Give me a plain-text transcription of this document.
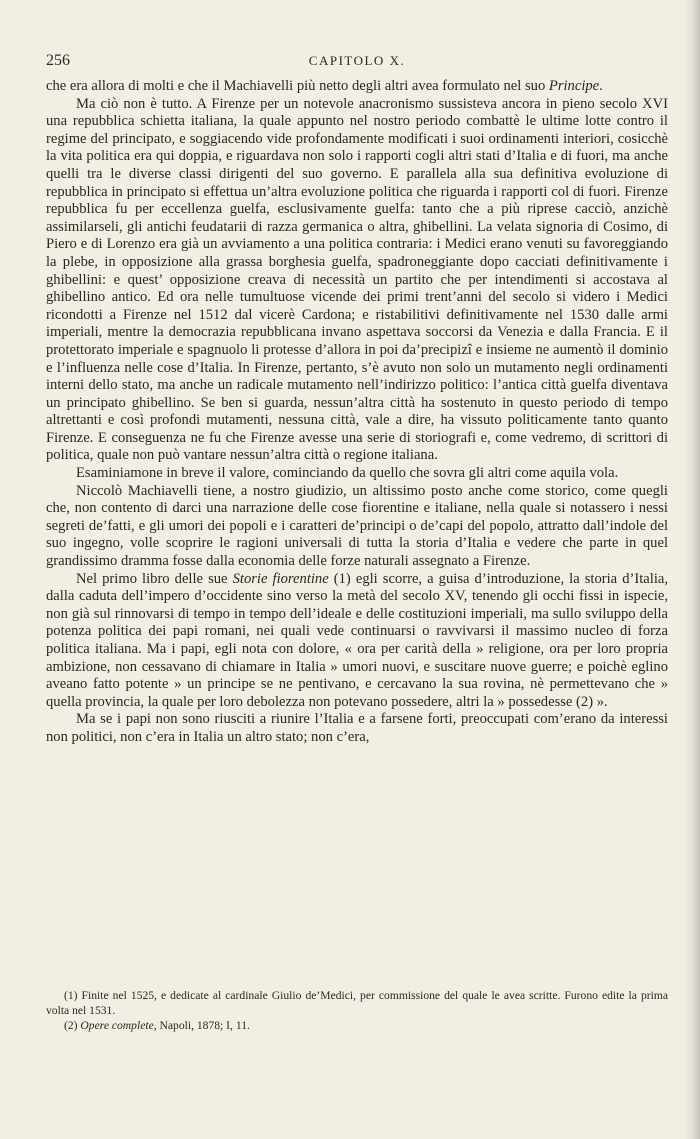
256	CAPITOLO X.

che era allora di molti e che il Machiavelli più netto degli altri avea formulato nel suo Principe.

Ma ciò non è tutto. A Firenze per un notevole anacronismo sussisteva ancora in pieno secolo XVI una repubblica schietta italiana, la quale appunto nel nostro periodo combattè le ultime lotte contro il regime del principato, e soggiacendo vide profondamente modificati i suoi ordinamenti interiori, cosicchè la vita politica era qui doppia, e riguardava non solo i rapporti cogli altri stati d’Italia e di fuori, ma anche quelli tra le diverse classi dirigenti del suo governo. E parallela alla sua definitiva evoluzione di repubblica in principato si effettua un’altra evoluzione politica che riguarda i rapporti col di fuori. Firenze repubblica fu per eccellenza guelfa, esclusivamente guelfa: tanto che a più riprese cacciò, anzichè assimilarseli, gli antichi feudatarii di razza germanica o altra, ghibellini. La velata signoria di Cosimo, di Piero e di Lorenzo era già un avviamento a una politica contraria: i Medici erano venuti su favoreggiando la plebe, in opposizione alla grassa borghesia guelfa, spadroneggiante dopo cacciati definitivamente i ghibellini: e quest’ opposizione creava di necessità un partito che per intendimenti si accostava al ghibellino antico. Ed ora nelle tumultuose vicende dei primi trent’anni del secolo si videro i Medici ricondotti a Firenze nel 1512 dal vicerè Cardona; e ristabilitivi definitivamente nel 1530 dalle armi imperiali, mentre la democrazia repubblicana invano aspettava soccorsi da Venezia e dalla Francia. E il protettorato imperiale e spagnuolo li protesse d’allora in poi da’precipizî e insieme ne aumentò il dominio e l’influenza nelle cose d’Italia. In Firenze, pertanto, s’è avuto non solo un mutamento negli ordinamenti interni dello stato, ma anche un radicale mutamento nell’indirizzo politico: l’antica città guelfa diventava un principato ghibellino. Se ben si guarda, nessun’altra città ha sostenuto in questo periodo di tempo altrettanti e così profondi mutamenti, nessuna città, vale a dire, ha vissuto politicamente tanto quanto Firenze. E conseguenza ne fu che Firenze avesse una serie di storiografi e, come vedremo, di scrittori di politica, quale non può vantare nessun’altra città o regione italiana.

Esaminiamone in breve il valore, cominciando da quello che sovra gli altri come aquila vola.

Niccolò Machiavelli tiene, a nostro giudizio, un altissimo posto anche come storico, come quegli che, non contento di darci una narrazione delle cose fiorentine e italiane, nella quale si notassero i nessi segreti de’fatti, e gli umori dei popoli e i caratteri de’principi o de’capi del popolo, attratto dall’indole del suo ingegno, volle scoprire le ragioni universali di tutta la storia d’Italia e vedere che parte in quel grandissimo dramma fosse dalla economia delle forze naturali assegnato a Firenze.

Nel primo libro delle sue Storie fiorentine (1) egli scorre, a guisa d’introduzione, la storia d’Italia, dalla caduta dell’impero d’occidente sino verso la metà del secolo XV, tenendo gli occhi fissi in ispecie, non già sul rinnovarsi di tempo in tempo dell’ideale e delle costituzioni imperiali, ma sullo sviluppo della potenza politica dei papi romani, nei quali vede continuarsi o ravvivarsi il massimo nucleo di forza politica italiana. Ma i papi, egli nota con dolore, « ora per carità della » religione, ora per loro propria ambizione, non cessavano di chiamare in Italia » umori nuovi, e suscitare nuove guerre; e poichè eglino aveano fatto potente » un principe se ne pentivano, e cercavano la sua rovina, nè permettevano che » quella provincia, la quale per loro debolezza non potevano possedere, altri la » possedesse (2) ».

Ma se i papi non sono riusciti a riunire l’Italia e a farsene forti, preoccupati com’erano da interessi non politici, non c’era in Italia un altro stato; non c’era,

(1) Finite nel 1525, e dedicate al cardinale Giulio de’Medici, per commissione del quale le avea scritte. Furono edite la prima volta nel 1531.

(2) Opere complete, Napoli, 1878; I, 11.
